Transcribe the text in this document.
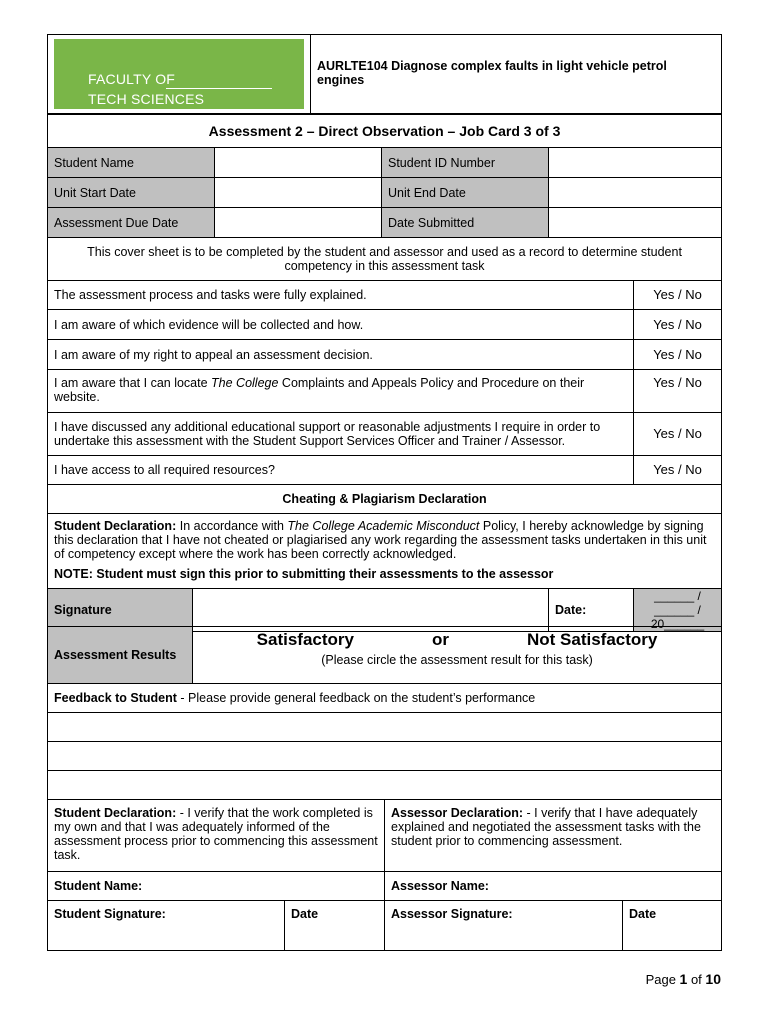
FACULTY OF
TECH SCIENCES

AURLTE104 Diagnose complex faults in light vehicle petrol engines
Assessment 2 – Direct Observation – Job Card 3 of 3					
Student Name			Student ID Number		
Unit Start Date			Unit End Date		
Assessment Due Date			Date Submitted		
This cover sheet is to be completed by the student and assessor and used as a record to determine student competency in this assessment task					
The assessment process and tasks were fully explained.					Yes / No
I am aware of which evidence will be collected and how.					Yes / No
I am aware of my right to appeal an assessment decision.					Yes / No
I am aware that I can locate The College Complaints and Appeals Policy and Procedure on their website.					Yes / No
I have discussed any additional educational support or reasonable adjustments I require in order to undertake this assessment with the Student Support Services Officer and Trainer / Assessor.					Yes / No
I have access to all required resources?					Yes / No
Cheating & Plagiarism Declaration					
Student Declaration: In accordance with The College Academic Misconduct Policy, I hereby acknowledge by signing this declaration that I have not cheated or plagiarised any work regarding the assessment tasks undertaken in this unit of competency except where the work has been correctly acknowledged.
NOTE: Student must sign this prior to submitting their assessments to the assessor					

Signature				Date:	______ / ______ / 20______
Assessment Results	Satisfactory or Not Satisfactory
(Please circle the assessment result for this task)			

Feedback to Student - Please provide general feedback on the student’s performance				

Student Declaration: - I verify that the work completed is my own and that I was adequately informed of the assessment process prior to commencing this assessment task.			Assessor Declaration: - I verify that I have adequately explained and negotiated the assessment tasks with the student prior to commencing assessment.	
Student Name:			Assessor Name:	
Student Signature:		Date	Assessor Signature:	Date
Page 1 of 10
